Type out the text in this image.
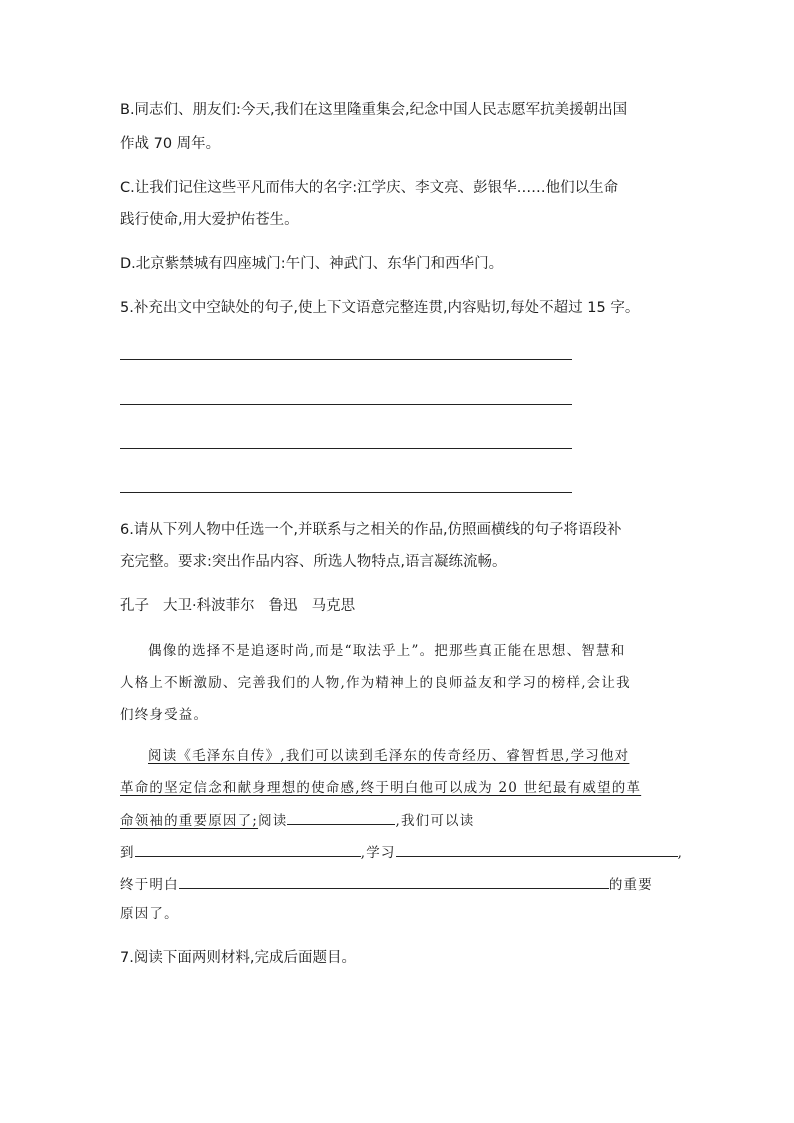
B.同志们、朋友们:今天,我们在这里隆重集会,纪念中国人民志愿军抗美援朝出国
作战 70 周年。
C.让我们记住这些平凡而伟大的名字:江学庆、李文亮、彭银华……他们以生命
践行使命,用大爱护佑苍生。
D.北京紫禁城有四座城门:午门、神武门、东华门和西华门。
5.补充出文中空缺处的句子,使上下文语意完整连贯,内容贴切,每处不超过 15 字。
6.请从下列人物中任选一个,并联系与之相关的作品,仿照画横线的句子将语段补
充完整。要求:突出作品内容、所选人物特点,语言凝练流畅。
孔子 大卫·科波菲尔 鲁迅 马克思
偶像的选择不是追逐时尚,而是“取法乎上”。把那些真正能在思想、智慧和
人格上不断激励、完善我们的人物,作为精神上的良师益友和学习的榜样,会让我
们终身受益。
阅读《毛泽东自传》,我们可以读到毛泽东的传奇经历、睿智哲思,学习他对
革命的坚定信念和献身理想的使命感,终于明白他可以成为 20 世纪最有威望的革
命领袖的重要原因了;阅读	,我们可以读
到	,学习	,
终于明白	的重要
原因了。
7.阅读下面两则材料,完成后面题目。
